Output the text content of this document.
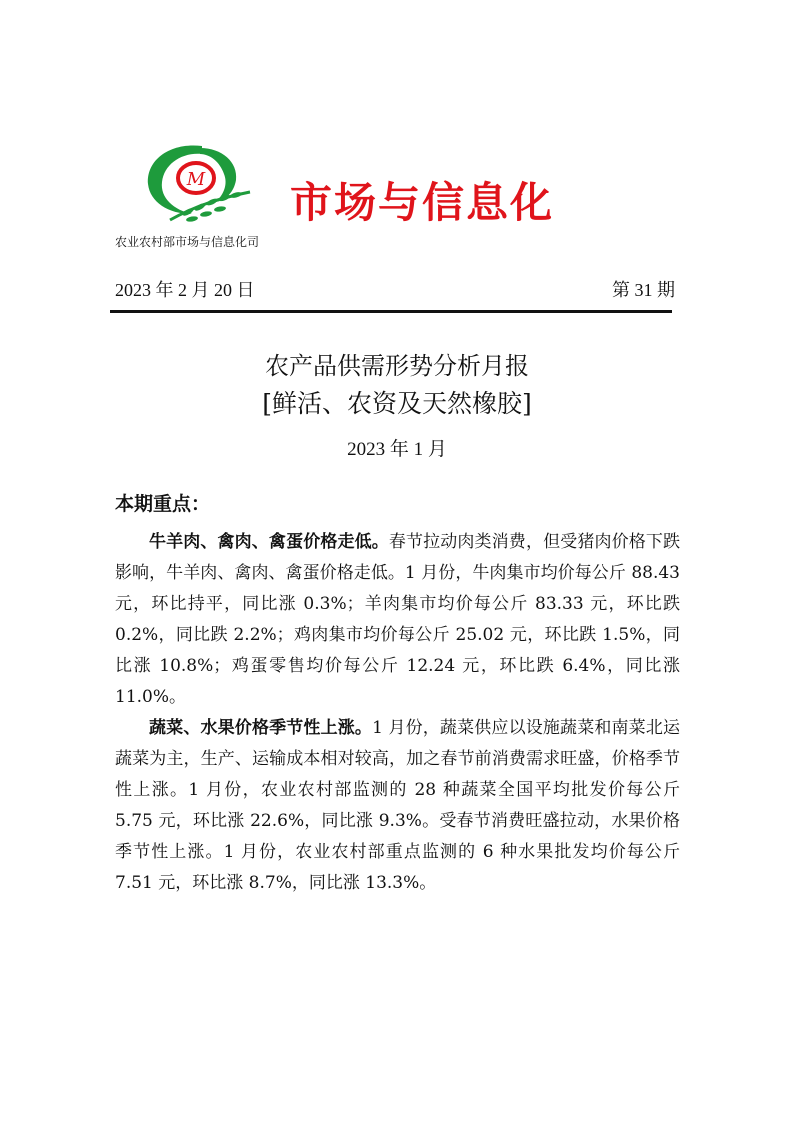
M 市场与信息化
农业农村部市场与信息化司
2023 年 2 月 20 日	第 31 期
农产品供需形势分析月报
[鲜活、农资及天然橡胶]
2023 年 1 月
本期重点：

牛羊肉、禽肉、禽蛋价格走低。春节拉动肉类消费，但受猪肉价格下跌影响，牛羊肉、禽肉、禽蛋价格走低。1 月份，牛肉集市均价每公斤 88.43 元，环比持平，同比涨 0.3%；羊肉集市均价每公斤 83.33 元，环比跌 0.2%，同比跌 2.2%；鸡肉集市均价每公斤 25.02 元，环比跌 1.5%，同比涨 10.8%；鸡蛋零售均价每公斤 12.24 元，环比跌 6.4%，同比涨 11.0%。

蔬菜、水果价格季节性上涨。1 月份，蔬菜供应以设施蔬菜和南菜北运蔬菜为主，生产、运输成本相对较高，加之春节前消费需求旺盛，价格季节性上涨。1 月份，农业农村部监测的 28 种蔬菜全国平均批发价每公斤 5.75 元，环比涨 22.6%，同比涨 9.3%。受春节消费旺盛拉动，水果价格季节性上涨。1 月份，农业农村部重点监测的 6 种水果批发均价每公斤 7.51 元，环比涨 8.7%，同比涨 13.3%。
